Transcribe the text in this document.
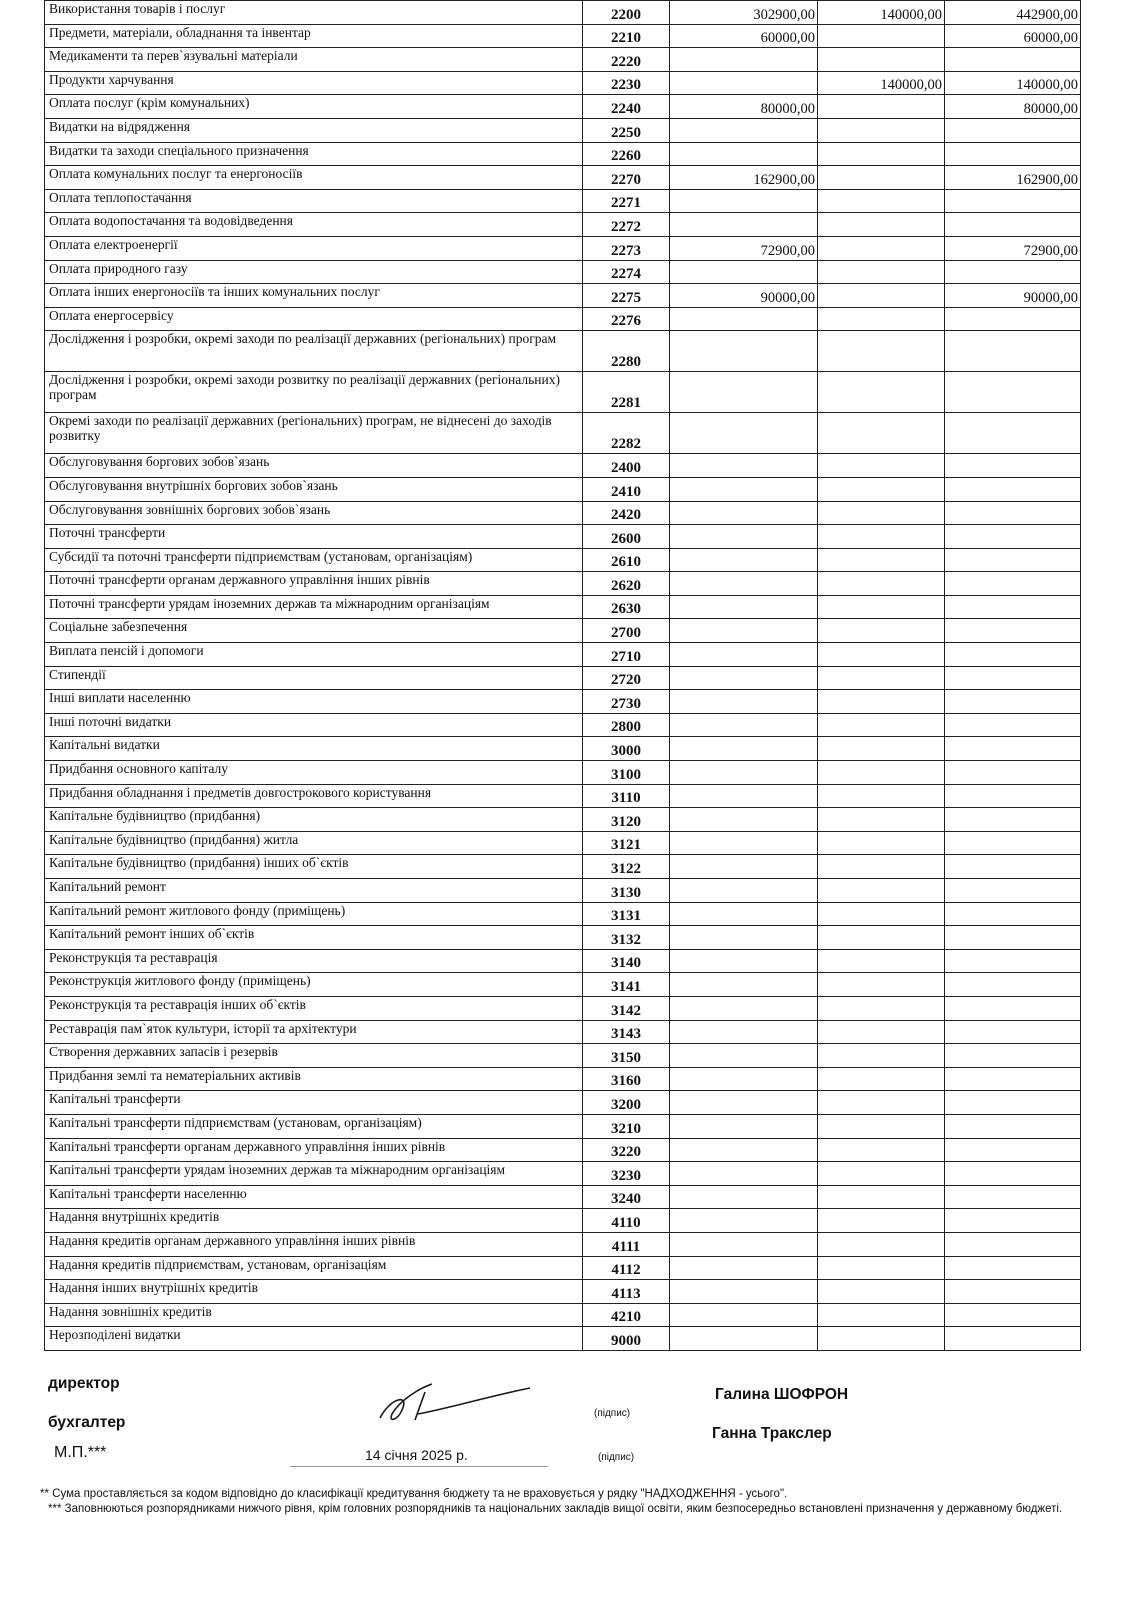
Використання товарів і послуг	2200	302900,00	140000,00	442900,00
Предмети, матеріали, обладнання та інвентар	2210	60000,00		60000,00
Медикаменти та перев`язувальні матеріали	2220			
Продукти харчування	2230		140000,00	140000,00
Оплата послуг (крім комунальних)	2240	80000,00		80000,00
Видатки на відрядження	2250			
Видатки та заходи спеціального призначення	2260			
Оплата комунальних послуг та енергоносіїв	2270	162900,00		162900,00
Оплата теплопостачання	2271			
Оплата водопостачання та водовідведення	2272			
Оплата електроенергії	2273	72900,00		72900,00
Оплата природного газу	2274			
Оплата інших енергоносіїв та інших комунальних послуг	2275	90000,00		90000,00
Оплата енергосервісу	2276			
Дослідження і розробки, окремі заходи по реалізації державних (регіональних) програм	2280			
Дослідження і розробки, окремі заходи розвитку по реалізації державних (регіональних) програм	2281			
Окремі заходи по реалізації державних (регіональних) програм, не віднесені до заходів розвитку	2282			
Обслуговування боргових зобов`язань	2400			
Обслуговування внутрішніх боргових зобов`язань	2410			
Обслуговування зовнішніх боргових зобов`язань	2420			
Поточні трансферти	2600			
Субсидії та поточні трансферти підприємствам (установам, організаціям)	2610			
Поточні трансферти органам державного управління інших рівнів	2620			
Поточні трансферти урядам іноземних держав та міжнародним організаціям	2630			
Соціальне забезпечення	2700			
Виплата пенсій і допомоги	2710			
Стипендії	2720			
Інші виплати населенню	2730			
Інші поточні видатки	2800			
Капітальні видатки	3000			
Придбання основного капіталу	3100			
Придбання обладнання і предметів довгострокового користування	3110			
Капітальне будівництво (придбання)	3120			
Капітальне будівництво (придбання) житла	3121			
Капітальне будівництво (придбання) інших об`єктів	3122			
Капітальний ремонт	3130			
Капітальний ремонт житлового фонду (приміщень)	3131			
Капітальний ремонт інших об`єктів	3132			
Реконструкція та реставрація	3140			
Реконструкція житлового фонду (приміщень)	3141			
Реконструкція та реставрація інших об`єктів	3142			
Реставрація пам`яток культури, історії та архітектури	3143			
Створення державних запасів і резервів	3150			
Придбання землі та нематеріальних активів	3160			
Капітальні трансферти	3200			
Капітальні трансферти підприємствам (установам, організаціям)	3210			
Капітальні трансферти органам державного управління інших рівнів	3220			
Капітальні трансферти урядам іноземних держав та міжнародним організаціям	3230			
Капітальні трансферти населенню	3240			
Надання внутрішніх кредитів	4110			
Надання кредитів органам державного управління інших рівнів	4111			
Надання кредитів підприємствам, установам, організаціям	4112			
Надання інших внутрішніх кредитів	4113			
Надання зовнішніх кредитів	4210			
Нерозподілені видатки	9000			
директор
бухгалтер
М.П.***	14 січня 2025 р.
(підпис)
(підпис)
Галина ШОФРОН
Ганна Тракслер
** Сума проставляється за кодом відповідно до класифікації кредитування бюджету та не враховується у рядку "НАДХОДЖЕННЯ - усього".
*** Заповнюються розпорядниками нижчого рівня, крім головних розпорядників та національних закладів вищої освіти, яким безпосередньо встановлені призначення у державному бюджеті.
